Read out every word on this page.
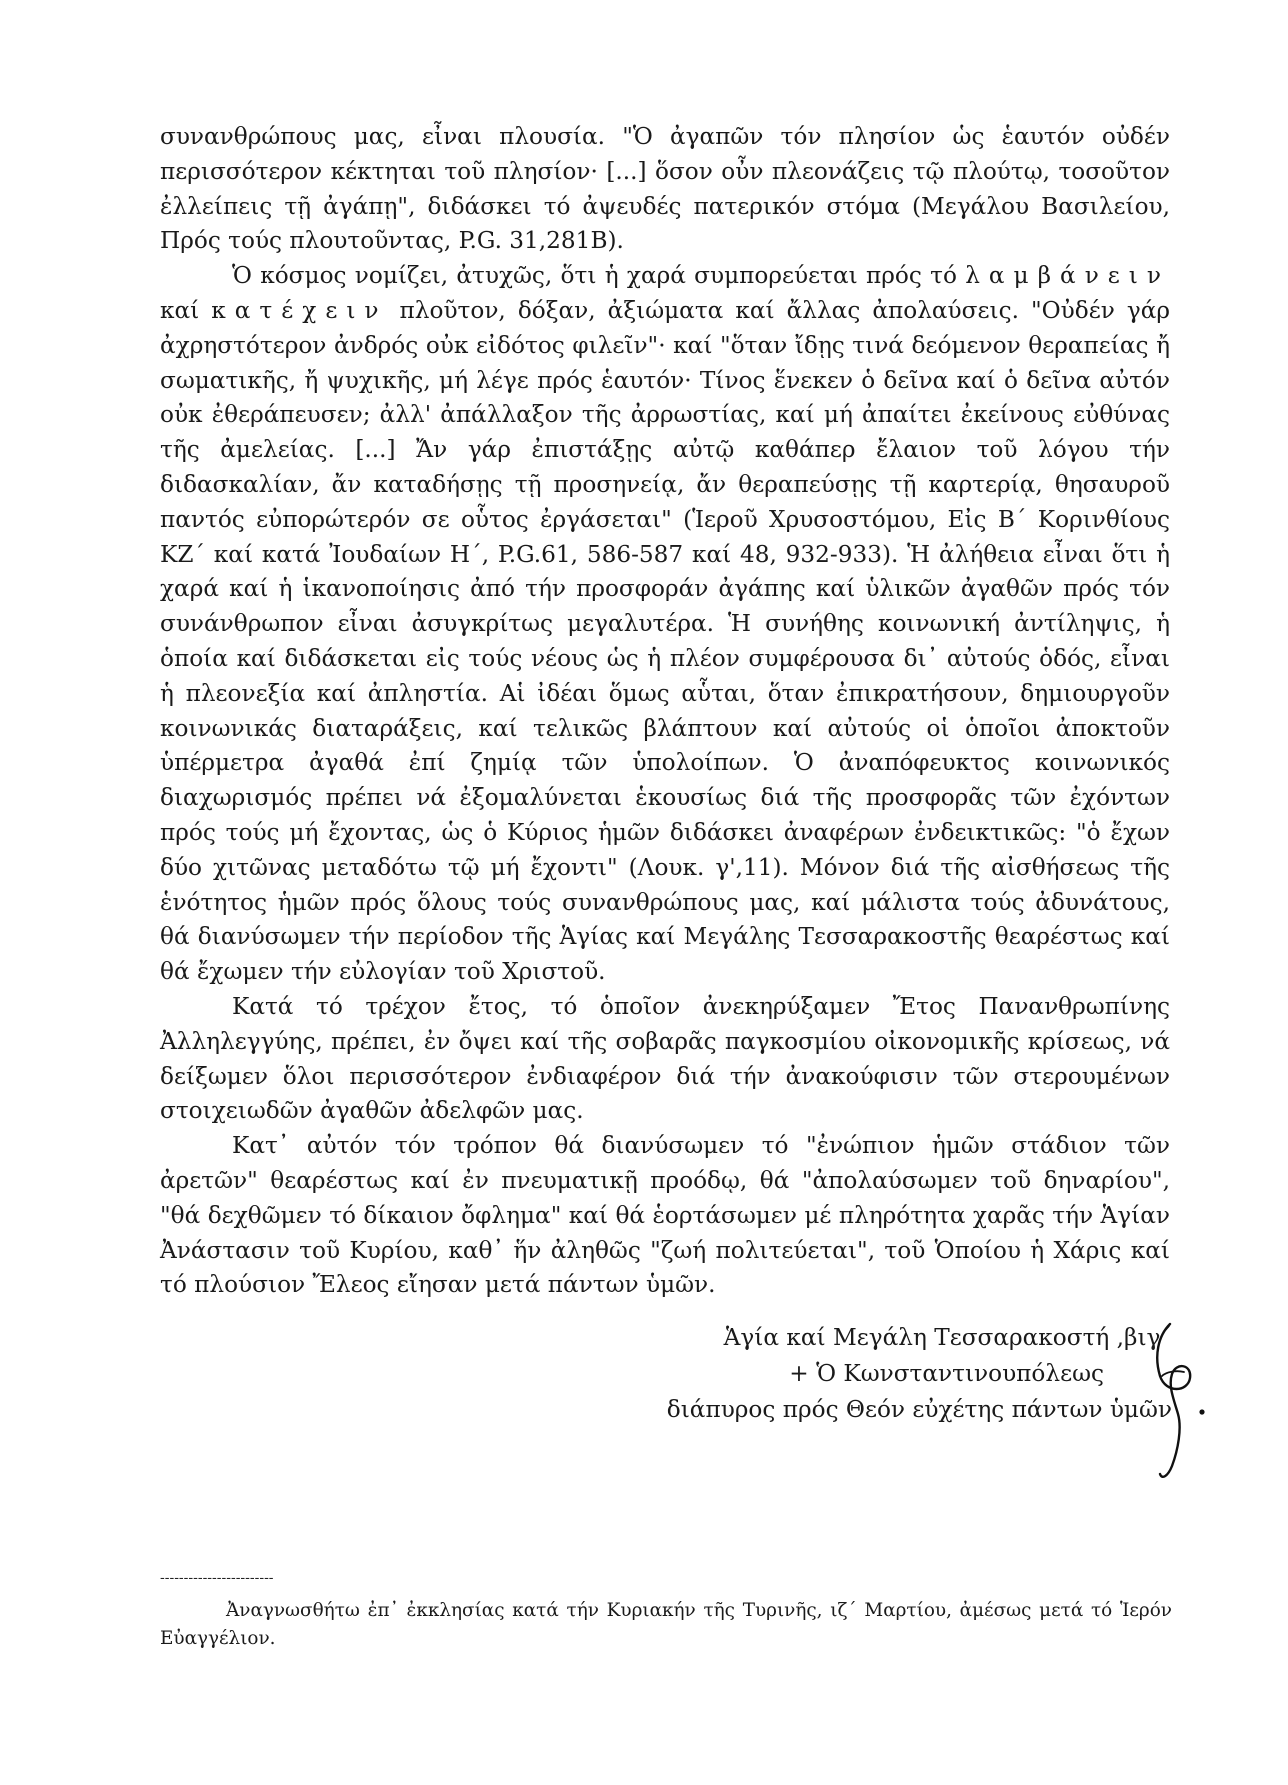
συνανθρώπους μας, εἶναι πλουσία. "Ὁ ἀγαπῶν τόν πλησίον ὡς ἑαυτόν οὐδέν περισσότερον κέκτηται τοῦ πλησίον· [...] ὅσον οὖν πλεονάζεις τῷ πλούτῳ, τοσοῦτον ἐλλείπεις τῇ ἀγάπῃ", διδάσκει τό ἀψευδές πατερικόν στόμα (Μεγάλου Βασιλείου, Πρός τούς πλουτοῦντας, P.G. 31,281B).

Ὁ κόσμος νομίζει, ἀτυχῶς, ὅτι ἡ χαρά συμπορεύεται πρός τό λαμβάνειν καί κατέχειν πλοῦτον, δόξαν, ἀξιώματα καί ἄλλας ἀπολαύσεις. "Οὐδέν γάρ ἀχρηστότερον ἀνδρός οὐκ εἰδότος φιλεῖν"· καί "ὅταν ἴδῃς τινά δεόμενον θεραπείας ἤ σωματικῆς, ἤ ψυχικῆς, μή λέγε πρός ἑαυτόν· Τίνος ἕνεκεν ὁ δεῖνα καί ὁ δεῖνα αὐτόν οὐκ ἐθεράπευσεν; ἀλλ' ἀπάλλαξον τῆς ἀρρωστίας, καί μή ἀπαίτει ἐκείνους εὐθύνας τῆς ἀμελείας. [...] Ἄν γάρ ἐπιστάξῃς αὐτῷ καθάπερ ἔλαιον τοῦ λόγου τήν διδασκαλίαν, ἄν καταδήσῃς τῇ προσηνείᾳ, ἄν θεραπεύσῃς τῇ καρτερίᾳ, θησαυροῦ παντός εὐπορώτερόν σε οὗτος ἐργάσεται" (Ἱεροῦ Χρυσοστόμου, Εἰς Β΄ Κορινθίους ΚΖ΄ καί κατά Ἰουδαίων Η΄, P.G.61, 586-587 καί 48, 932-933). Ἡ ἀλήθεια εἶναι ὅτι ἡ χαρά καί ἡ ἱκανοποίησις ἀπό τήν προσφοράν ἀγάπης καί ὑλικῶν ἀγαθῶν πρός τόν συνάνθρωπον εἶναι ἀσυγκρίτως μεγαλυτέρα. Ἡ συνήθης κοινωνική ἀντίληψις, ἡ ὁποία καί διδάσκεται εἰς τούς νέους ὡς ἡ πλέον συμφέρουσα δι᾿ αὐτούς ὁδός, εἶναι ἡ πλεονεξία καί ἀπληστία. Αἱ ἰδέαι ὅμως αὗται, ὅταν ἐπικρατήσουν, δημιουργοῦν κοινωνικάς διαταράξεις, καί τελικῶς βλάπτουν καί αὐτούς οἱ ὁποῖοι ἀποκτοῦν ὑπέρμετρα ἀγαθά ἐπί ζημίᾳ τῶν ὑπολοίπων. Ὁ ἀναπόφευκτος κοινωνικός διαχωρισμός πρέπει νά ἐξομαλύνεται ἑκουσίως διά τῆς προσφορᾶς τῶν ἐχόντων πρός τούς μή ἔχοντας, ὡς ὁ Κύριος ἡμῶν διδάσκει ἀναφέρων ἐνδεικτικῶς: "ὁ ἔχων δύο χιτῶνας μεταδότω τῷ μή ἔχοντι" (Λουκ. γ',11). Μόνον διά τῆς αἰσθήσεως τῆς ἑνότητος ἡμῶν πρός ὅλους τούς συνανθρώπους μας, καί μάλιστα τούς ἀδυνάτους, θά διανύσωμεν τήν περίοδον τῆς Ἁγίας καί Μεγάλης Τεσσαρακοστῆς θεαρέστως καί θά ἔχωμεν τήν εὐλογίαν τοῦ Χριστοῦ.

Κατά τό τρέχον ἔτος, τό ὁποῖον ἀνεκηρύξαμεν Ἔτος Πανανθρωπίνης Ἀλληλεγγύης, πρέπει, ἐν ὄψει καί τῆς σοβαρᾶς παγκοσμίου οἰκονομικῆς κρίσεως, νά δείξωμεν ὅλοι περισσότερον ἐνδιαφέρον διά τήν ἀνακούφισιν τῶν στερουμένων στοιχειωδῶν ἀγαθῶν ἀδελφῶν μας.

Κατ᾿ αὐτόν τόν τρόπον θά διανύσωμεν τό "ἐνώπιον ἡμῶν στάδιον τῶν ἀρετῶν" θεαρέστως καί ἐν πνευματικῇ προόδῳ, θά "ἀπολαύσωμεν τοῦ δηναρίου", "θά δεχθῶμεν τό δίκαιον ὄφλημα" καί θά ἑορτάσωμεν μέ πληρότητα χαρᾶς τήν Ἁγίαν Ἀνάστασιν τοῦ Κυρίου, καθ᾿ ἥν ἀληθῶς "ζωή πολιτεύεται", τοῦ Ὁποίου ἡ Χάρις καί τό πλούσιον Ἔλεος εἴησαν μετά πάντων ὑμῶν.

Ἁγία καί Μεγάλη Τεσσαρακοστή ,βιγ΄
+ Ὁ Κωνσταντινουπόλεως
διάπυρος πρός Θεόν εὐχέτης πάντων ὑμῶν
------------------------
Ἀναγνωσθήτω ἐπ᾿ ἐκκλησίας κατά τήν Κυριακήν τῆς Τυρινῆς, ιζ΄ Μαρτίου, ἀμέσως μετά τό Ἱερόν Εὐαγγέλιον.
